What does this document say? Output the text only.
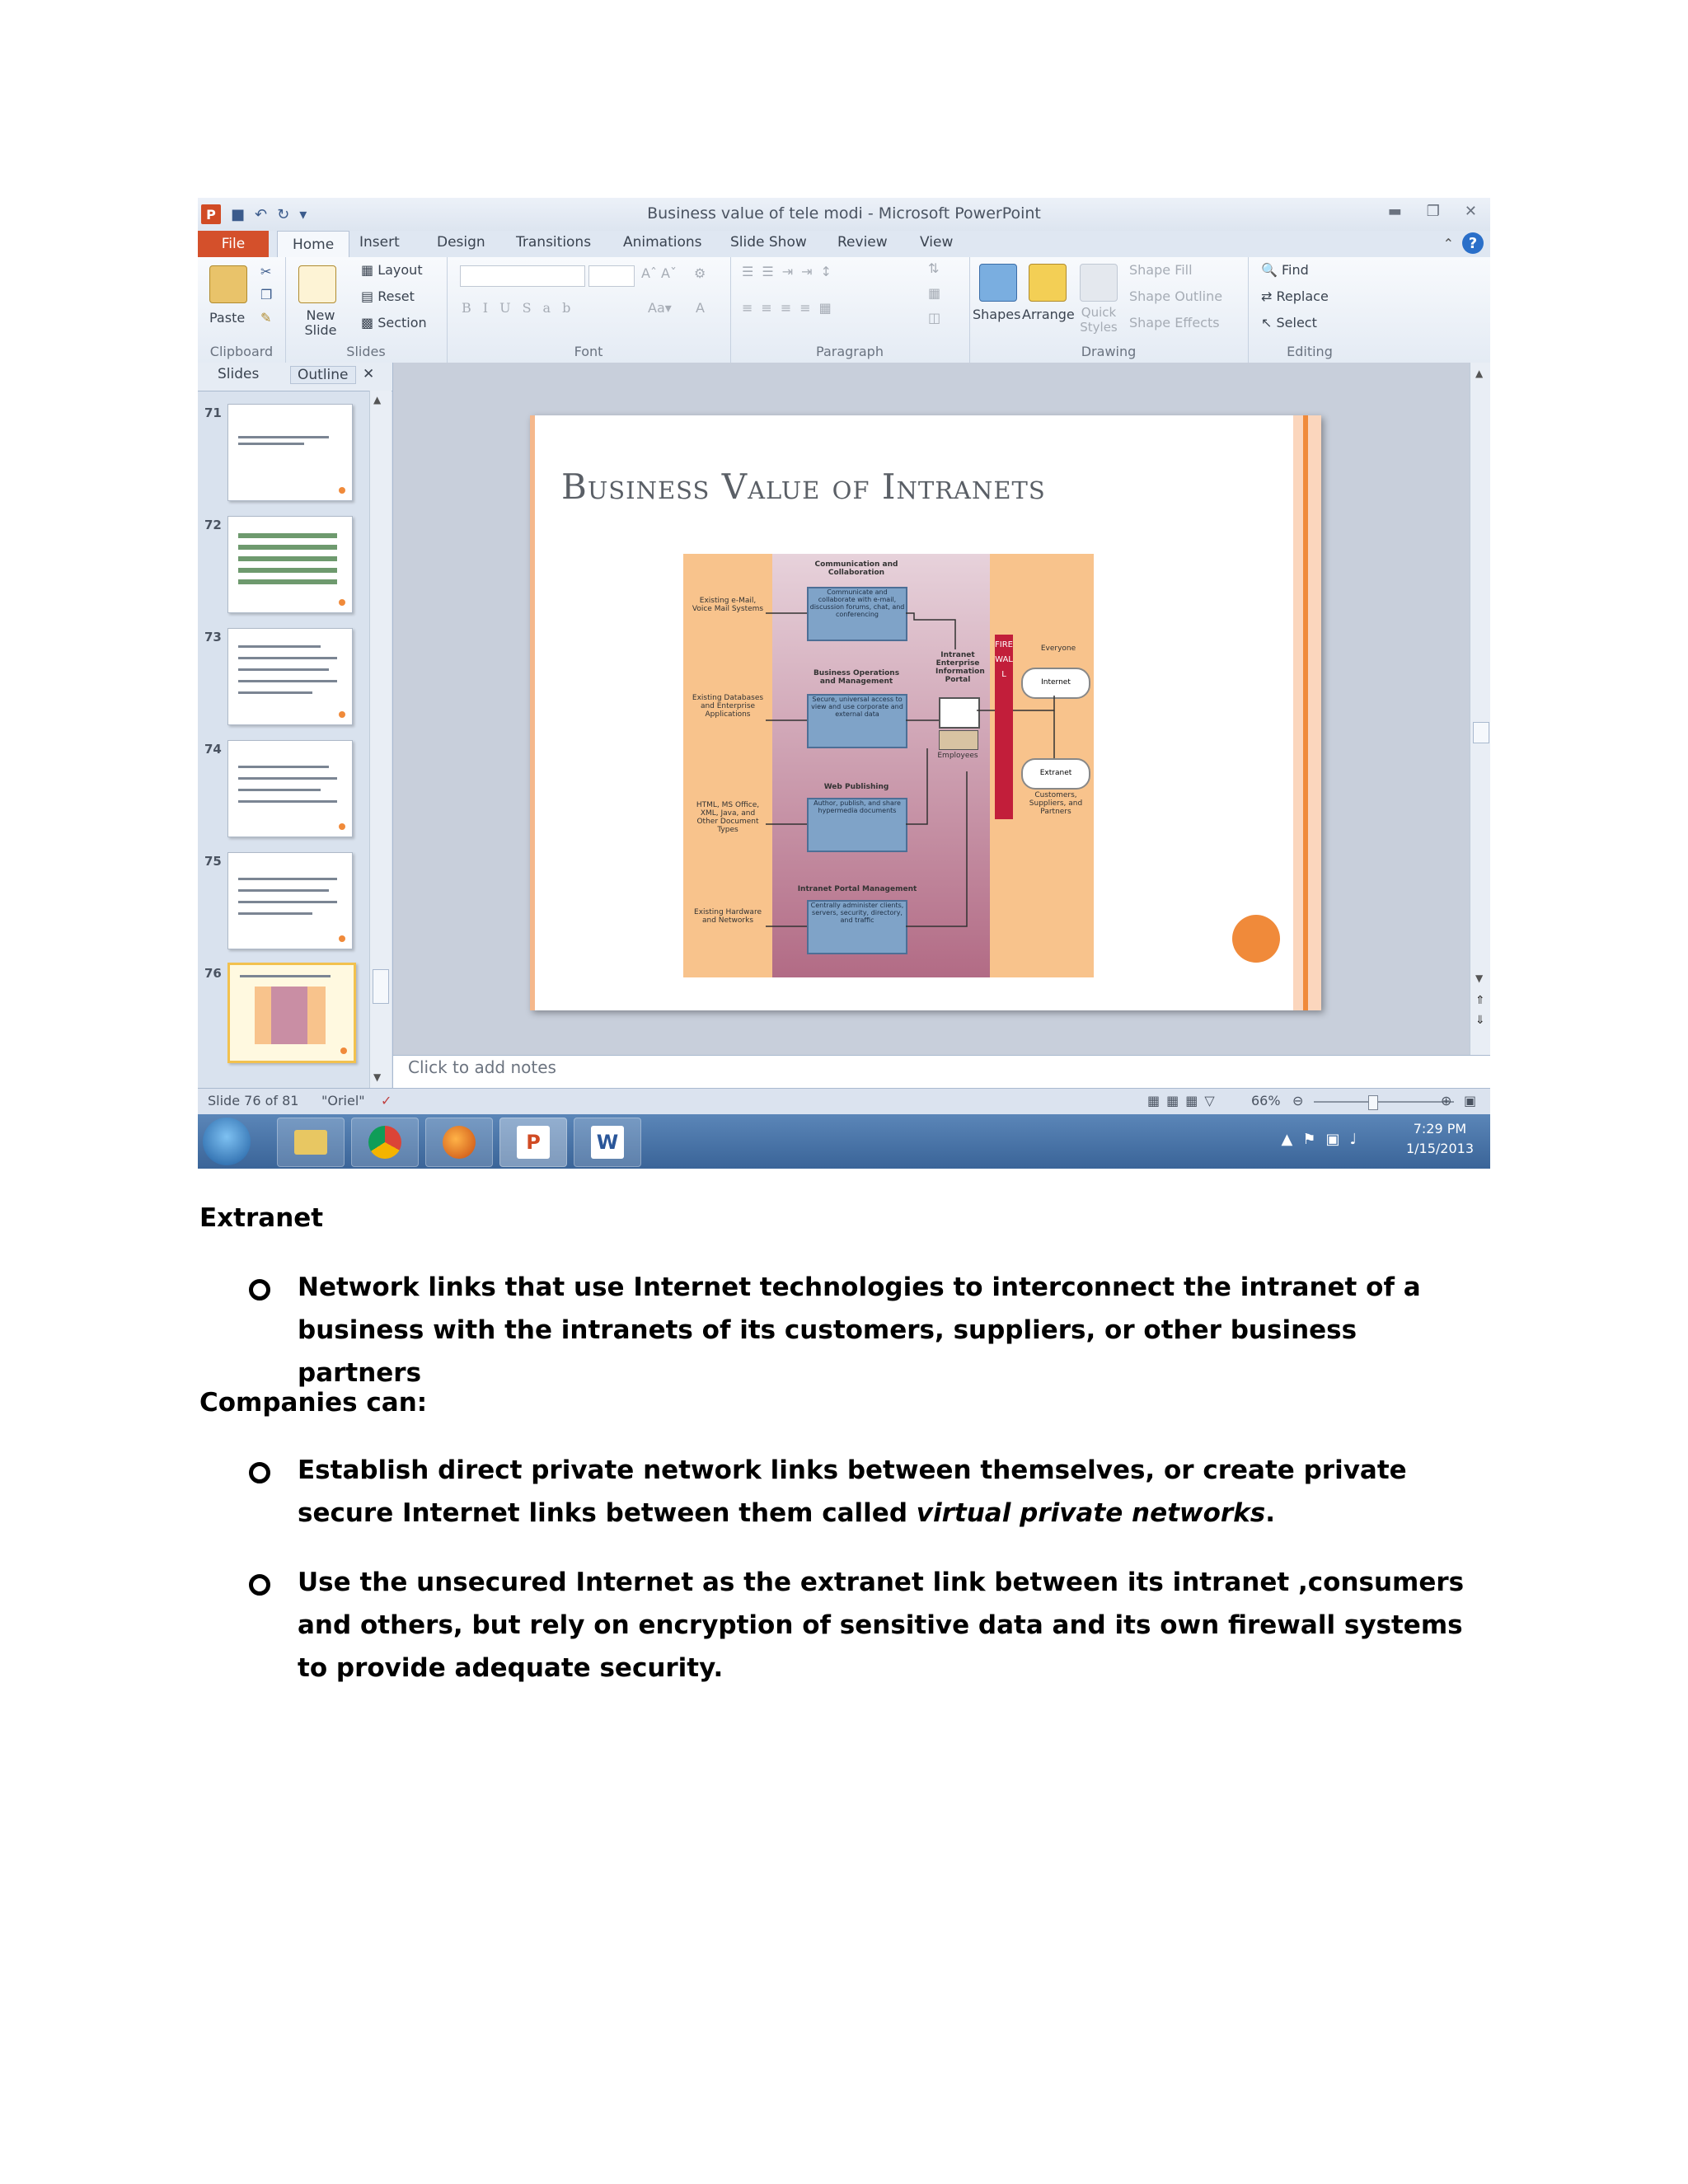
P	■ ↶ ↻ ▾	Business value of tele modi - Microsoft PowerPoint	▬ ❐ ✕
File	Home	Insert	Design Transitions Animations Slide Show Review View	⌃ ?
Paste
✂
❐
✎
Clipboard
New Slide
▦ Layout
▤ Reset
▩ Section
Slides
Aˆ Aˇ ⚙
BIUSab	Aa▾ A
Font
☰☰⇥⇥↕
≡≡≡≡▦
⇅
▦
◫
Paragraph
Shapes Arrange Quick Styles
Shape Fill
Shape Outline
Shape Effects
Drawing
🔍 Find
⇄ Replace
↖ Select
Editing
Slides	Outline	✕
71
72
73
74
75
76
▲
▼
Business Value of Intranets
Existing e-Mail, Voice Mail Systems
Existing Databases and Enterprise Applications
HTML, MS Office, XML, Java, and Other Document Types
Existing Hardware and Networks
Communication and Collaboration
Communicate and collaborate with e-mail, discussion forums, chat, and conferencing
Business Operations and Management
Secure, universal access to view and use corporate and external data
Web Publishing
Author, publish, and share hypermedia documents
Intranet Portal Management
Centrally administer clients, servers, security, directory, and traffic
Intranet Enterprise Information Portal
Employees
FIREWALL
Everyone
Internet
Extranet
Customers, Suppliers, and Partners
▲
▼
⇑
⇓
Click to add notes
Slide 76 of 81 "Oriel" ✓	▦▦▦▽ 66% ⊖	⊕ ▣
P	W	▲⚑▣♩
7:29 PM
1/15/2013
Extranet
Network links that use Internet technologies to interconnect the intranet of a business with the intranets of its customers, suppliers, or other business partners
Companies can:
Establish direct private network links between themselves, or create private secure Internet links between them called virtual private networks.
Use the unsecured Internet as the extranet link between its intranet ,consumers and others, but rely on encryption of sensitive data and its own firewall systems to provide adequate security.
